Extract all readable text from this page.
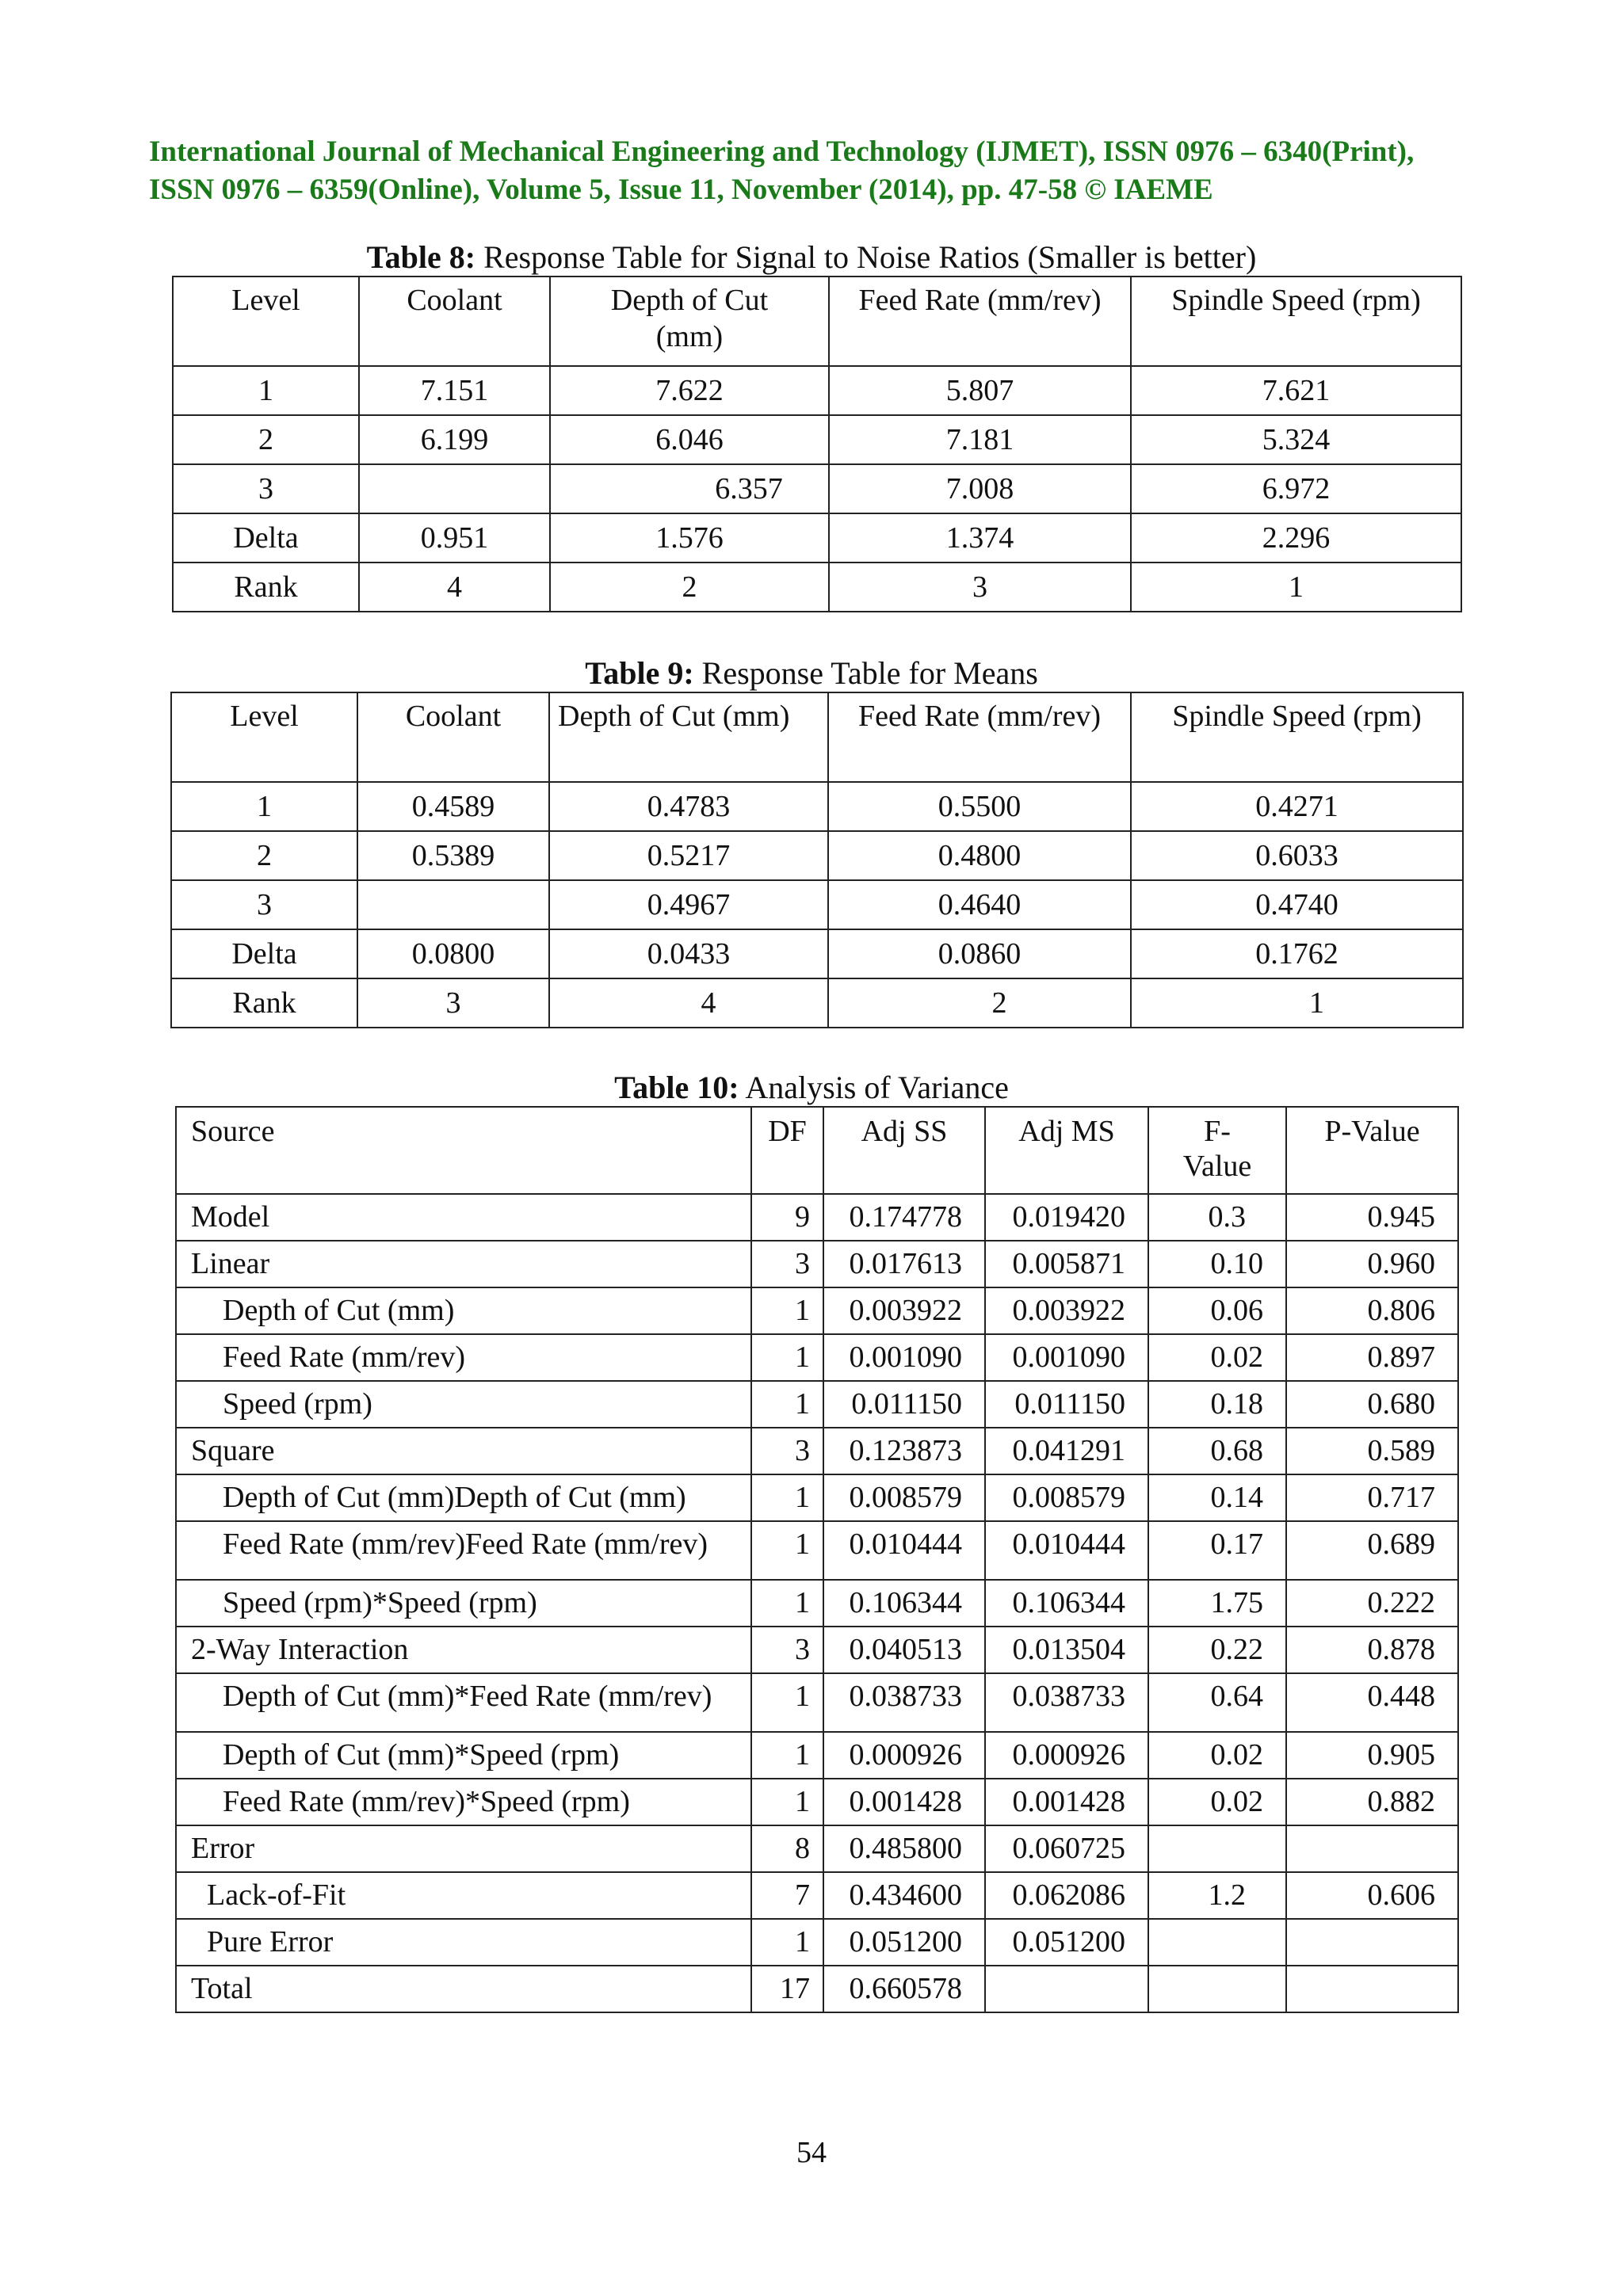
International Journal of Mechanical Engineering and Technology (IJMET), ISSN 0976 – 6340(Print),
ISSN 0976 – 6359(Online), Volume 5, Issue 11, November (2014), pp. 47-58 © IAEME
Table 8: Response Table for Signal to Noise Ratios (Smaller is better)
Level	Coolant	Depth of Cut (mm)	Feed Rate (mm/rev)	Spindle Speed (rpm)
1	7.151	7.622	5.807	7.621
2	6.199	6.046	7.181	5.324
3		6.357	7.008	6.972
Delta	0.951	1.576	1.374	2.296
Rank	4	2	3	1
Table 9: Response Table for Means
Level	Coolant	Depth of Cut (mm)	Feed Rate (mm/rev)	Spindle Speed (rpm)
1	0.4589	0.4783	0.5500	0.4271
2	0.5389	0.5217	0.4800	0.6033
3		0.4967	0.4640	0.4740
Delta	0.0800	0.0433	0.0860	0.1762
Rank	3	4	2	1
Table 10: Analysis of Variance
Source	DF	Adj SS	Adj MS	F-Value	P-Value
Model	9	0.174778	0.019420	0.3	0.945
Linear	3	0.017613	0.005871	0.10	0.960
Depth of Cut (mm)	1	0.003922	0.003922	0.06	0.806
Feed Rate (mm/rev)	1	0.001090	0.001090	0.02	0.897
Speed (rpm)	1	0.011150	0.011150	0.18	0.680
Square	3	0.123873	0.041291	0.68	0.589
Depth of Cut (mm)Depth of Cut (mm)	1	0.008579	0.008579	0.14	0.717
Feed Rate (mm/rev)Feed Rate (mm/rev)	1	0.010444	0.010444	0.17	0.689
Speed (rpm)*Speed (rpm)	1	0.106344	0.106344	1.75	0.222
2-Way Interaction	3	0.040513	0.013504	0.22	0.878
Depth of Cut (mm)*Feed Rate (mm/rev)	1	0.038733	0.038733	0.64	0.448
Depth of Cut (mm)*Speed (rpm)	1	0.000926	0.000926	0.02	0.905
Feed Rate (mm/rev)*Speed (rpm)	1	0.001428	0.001428	0.02	0.882
Error	8	0.485800	0.060725		
Lack-of-Fit	7	0.434600	0.062086	1.2	0.606
Pure Error	1	0.051200	0.051200		
Total	17	0.660578			
54
